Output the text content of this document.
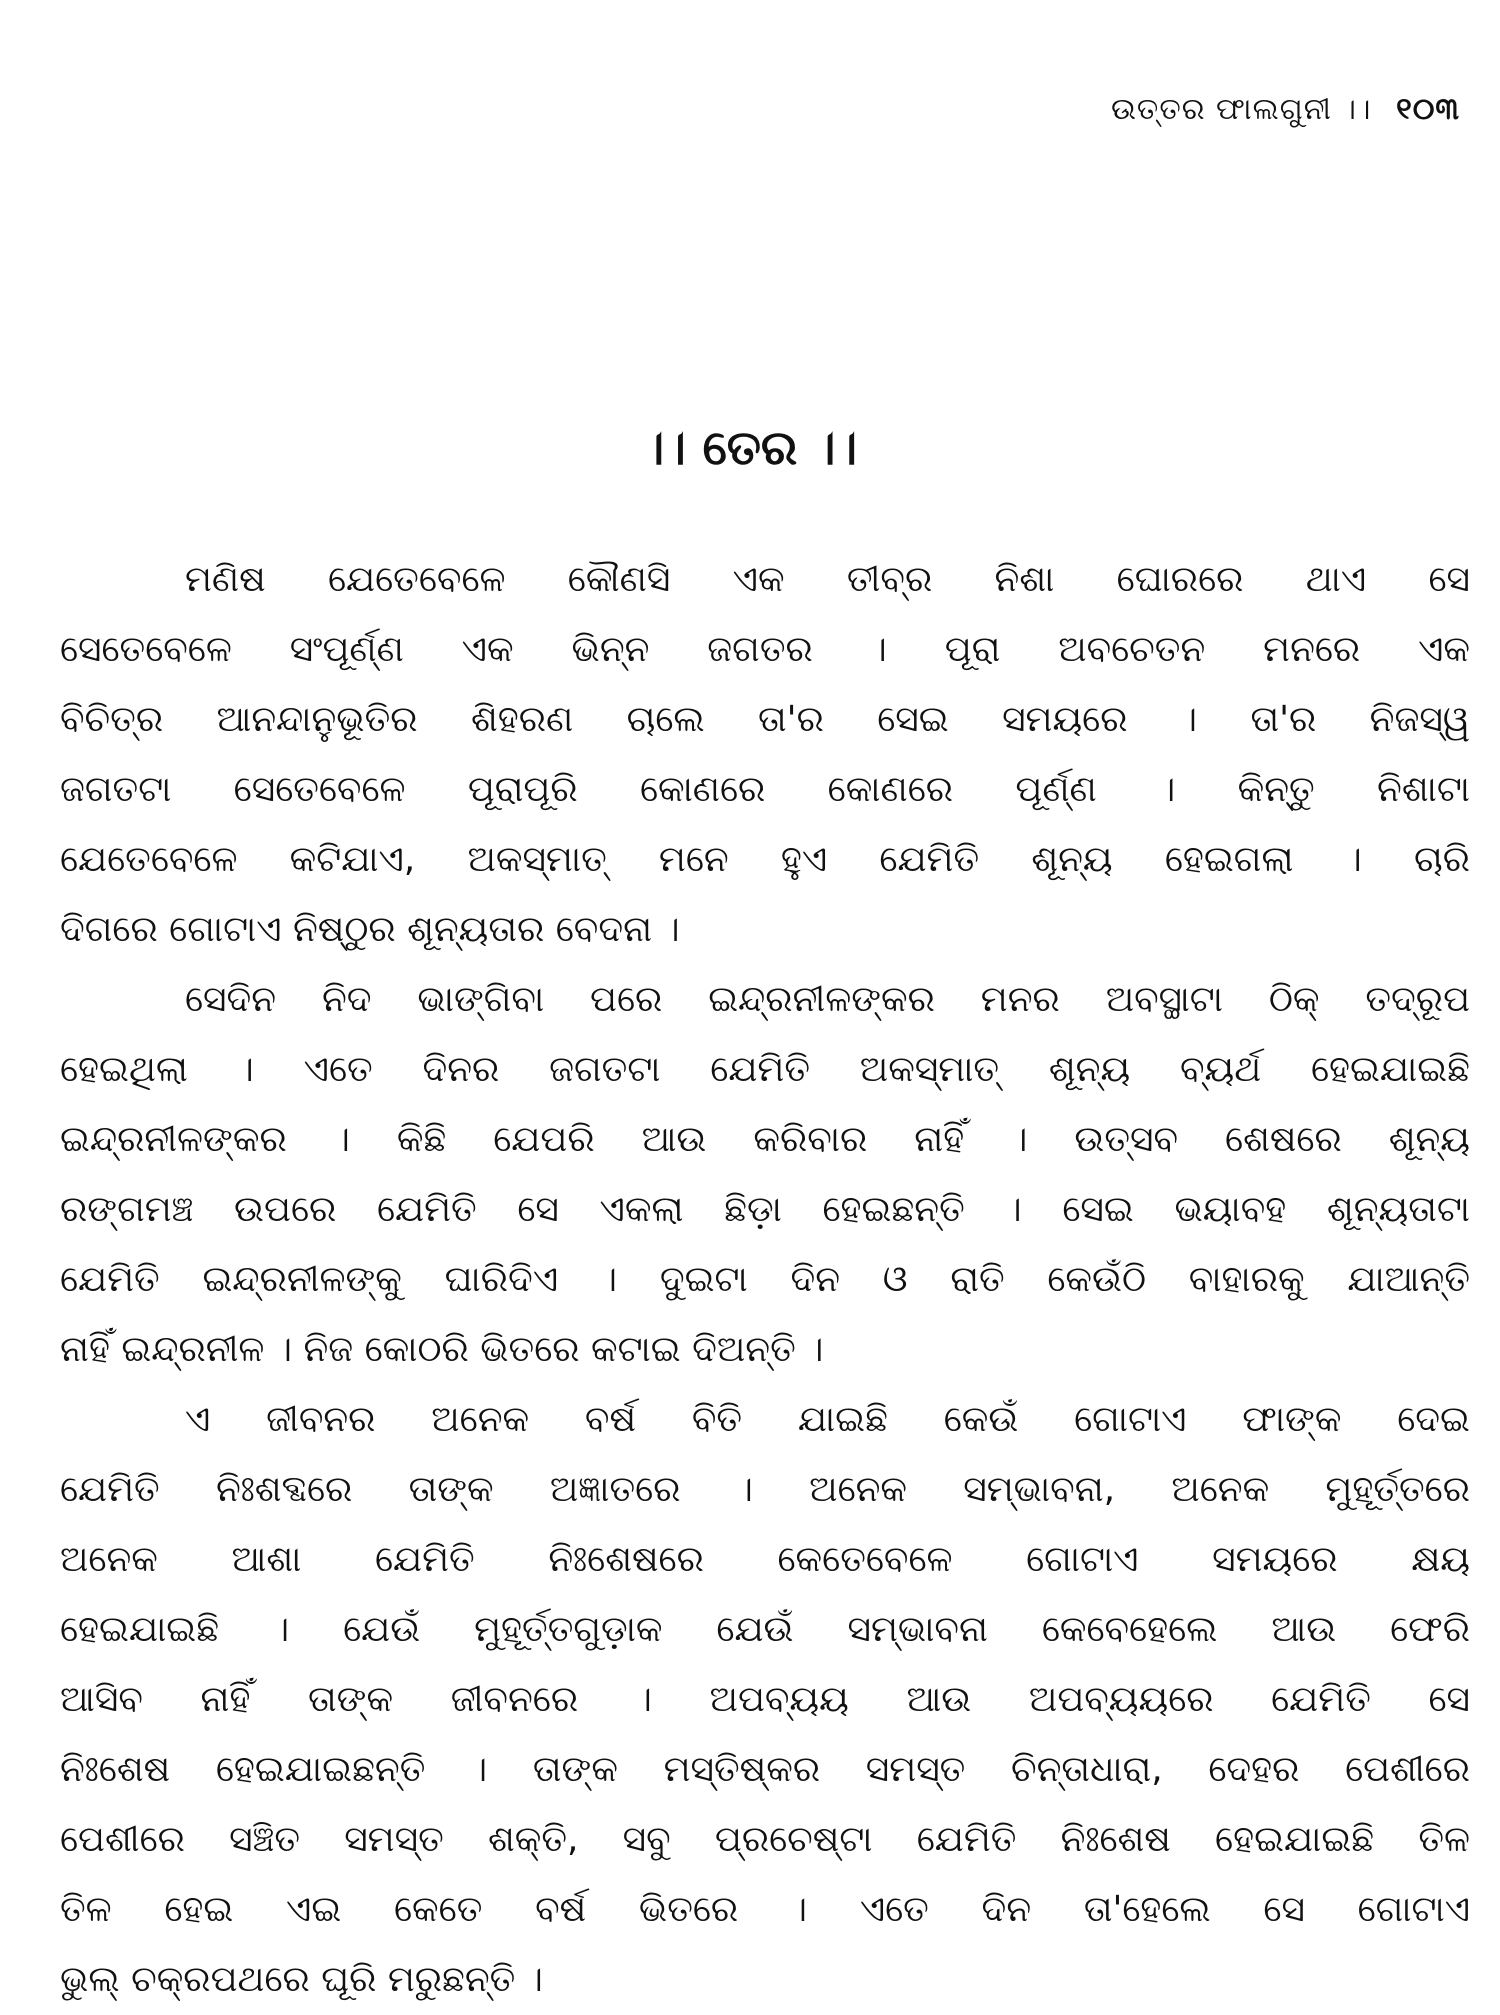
ଉତ୍ତର ଫାଲଗୁନୀ ।। ୧୦୩
।। ତେର ।।
ମଣିଷ ଯେତେବେଳେ କୌଣସି ଏକ ତୀବ୍ର ନିଶା ଘୋରରେ ଥାଏ ସେ
ସେତେବେଳେ ସଂପୂର୍ଣ୍ଣ ଏକ ଭିନ୍ନ ଜଗତର । ପୂରା ଅବଚେତନ ମନରେ ଏକ
ବିଚିତ୍ର ଆନନ୍ଦାନୁଭୂତିର ଶିହରଣ ଚାଲେ ତା'ର ସେଇ ସମୟରେ । ତା'ର ନିଜସ୍ୱ
ଜଗତଟା ସେତେବେଳେ ପୂରାପୂରି କୋଣରେ କୋଣରେ ପୂର୍ଣ୍ଣ । କିନ୍ତୁ ନିଶାଟା
ଯେତେବେଳେ କଟିଯାଏ, ଅକସ୍ମାତ୍ ମନେ ହୁଏ ଯେମିତି ଶୂନ୍ୟ ହେଇଗଲା । ଚାରି
ଦିଗରେ ଗୋଟାଏ ନିଷ୍ଠୁର ଶୂନ୍ୟତାର ବେଦନା ।
ସେଦିନ ନିଦ ଭାଙ୍ଗିବା ପରେ ଇନ୍ଦ୍ରନୀଳଙ୍କର ମନର ଅବସ୍ଥାଟା ଠିକ୍ ତଦ୍ରୂପ
ହେଇଥିଲା । ଏତେ ଦିନର ଜଗତଟା ଯେମିତି ଅକସ୍ମାତ୍ ଶୂନ୍ୟ ବ୍ୟର୍ଥ ହେଇଯାଇଛି
ଇନ୍ଦ୍ରନୀଳଙ୍କର । କିଛି ଯେପରି ଆଉ କରିବାର ନାହିଁ । ଉତ୍ସବ ଶେଷରେ ଶୂନ୍ୟ
ରଙ୍ଗମଞ୍ଚ ଉପରେ ଯେମିତି ସେ ଏକଲା ଛିଡ଼ା ହେଇଛନ୍ତି । ସେଇ ଭୟାବହ ଶୂନ୍ୟତାଟା
ଯେମିତି ଇନ୍ଦ୍ରନୀଳଙ୍କୁ ଘାରିଦିଏ । ଦୁଇଟା ଦିନ ଓ ରାତି କେଉଁଠି ବାହାରକୁ ଯାଆନ୍ତି
ନାହିଁ ଇନ୍ଦ୍ରନୀଳ । ନିଜ କୋଠରି ଭିତରେ କଟାଇ ଦିଅନ୍ତି ।
ଏ ଜୀବନର ଅନେକ ବର୍ଷ ବିତି ଯାଇଛି କେଉଁ ଗୋଟାଏ ଫାଙ୍କ ଦେଇ
ଯେମିତି ନିଃଶବ୍ଦରେ ତାଙ୍କ ଅଜ୍ଞାତରେ । ଅନେକ ସମ୍ଭାବନା, ଅନେକ ମୁହୂର୍ତ୍ତରେ
ଅନେକ ଆଶା ଯେମିତି ନିଃଶେଷରେ କେତେବେଳେ ଗୋଟାଏ ସମୟରେ କ୍ଷୟ
ହେଇଯାଇଛି । ଯେଉଁ ମୁହୂର୍ତ୍ତଗୁଡ଼ାକ ଯେଉଁ ସମ୍ଭାବନା କେବେହେଲେ ଆଉ ଫେରି
ଆସିବ ନାହିଁ ତାଙ୍କ ଜୀବନରେ । ଅପବ୍ୟୟ ଆଉ ଅପବ୍ୟୟରେ ଯେମିତି ସେ
ନିଃଶେଷ ହେଇଯାଇଛନ୍ତି । ତାଙ୍କ ମସ୍ତିଷ୍କର ସମସ୍ତ ଚିନ୍ତାଧାରା, ଦେହର ପେଶୀରେ
ପେଶୀରେ ସଞ୍ଚିତ ସମସ୍ତ ଶକ୍ତି, ସବୁ ପ୍ରଚେଷ୍ଟା ଯେମିତି ନିଃଶେଷ ହେଇଯାଇଛି ତିଳ
ତିଳ ହେଇ ଏଇ କେତେ ବର୍ଷ ଭିତରେ । ଏତେ ଦିନ ତା'ହେଲେ ସେ ଗୋଟାଏ
ଭୁଲ୍ ଚକ୍ରପଥରେ ଘୂରି ମରୁଛନ୍ତି ।
